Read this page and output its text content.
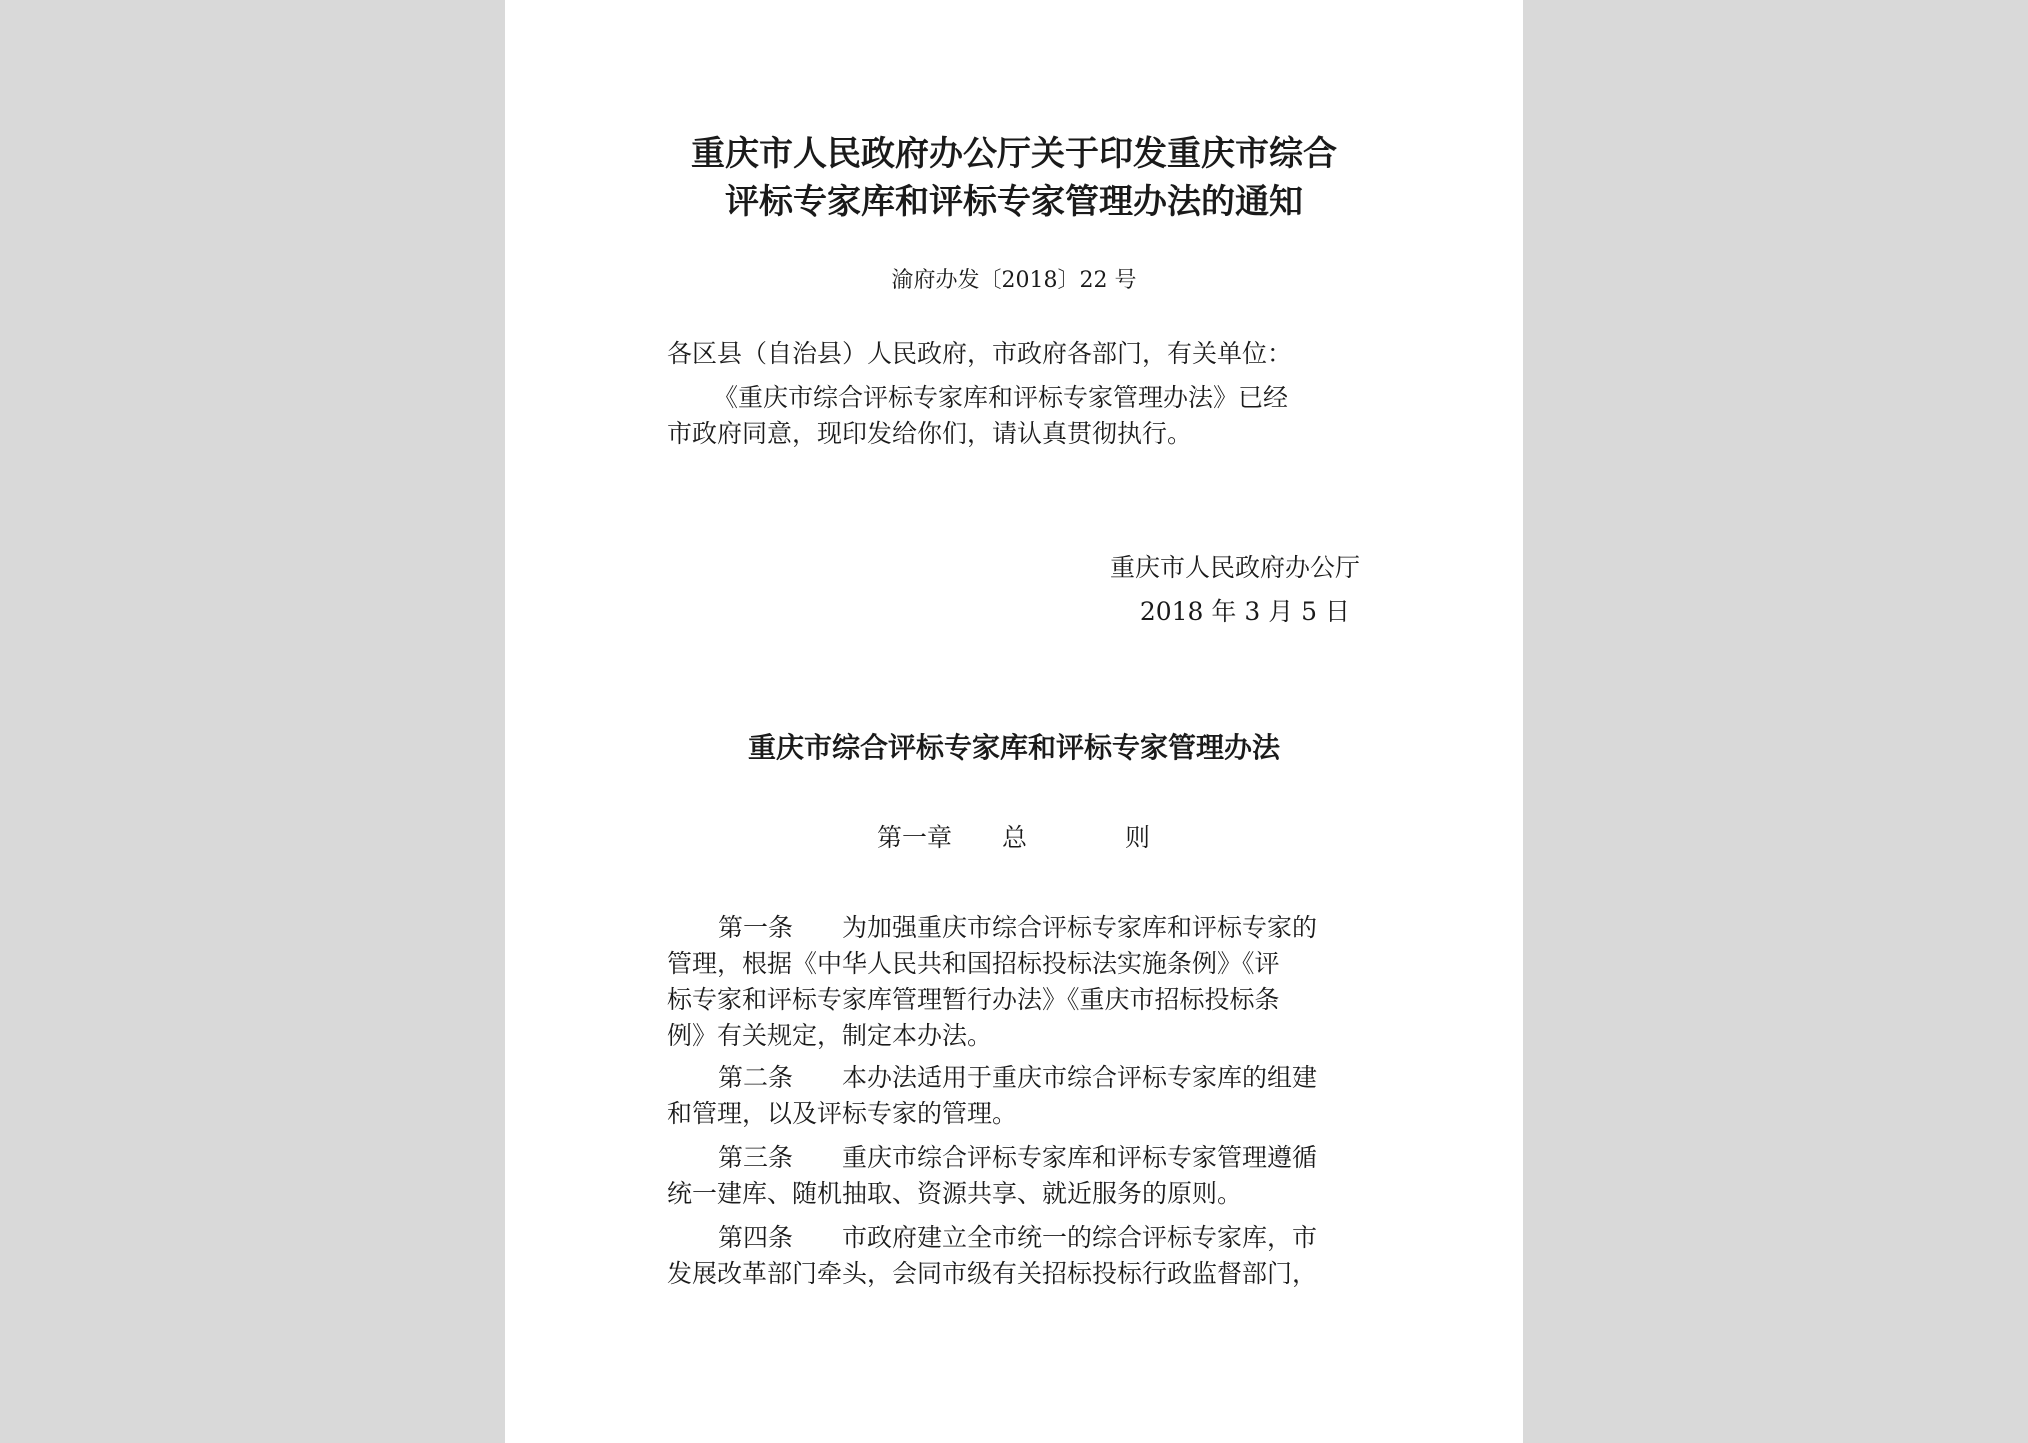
重庆市人民政府办公厅关于印发重庆市综合
评标专家库和评标专家管理办法的通知
渝府办发〔2018〕22 号
各区县（自治县）人民政府，市政府各部门，有关单位：
《重庆市综合评标专家库和评标专家管理办法》已经
市政府同意，现印发给你们，请认真贯彻执行。
重庆市人民政府办公厅
2018 年 3 月 5 日
重庆市综合评标专家库和评标专家管理办法
第一章 总	则
第一条 为加强重庆市综合评标专家库和评标专家的
管理，根据《中华人民共和国招标投标法实施条例》《评
标专家和评标专家库管理暂行办法》《重庆市招标投标条
例》有关规定，制定本办法。
第二条 本办法适用于重庆市综合评标专家库的组建
和管理，以及评标专家的管理。
第三条 重庆市综合评标专家库和评标专家管理遵循
统一建库、随机抽取、资源共享、就近服务的原则。
第四条 市政府建立全市统一的综合评标专家库，市
发展改革部门牵头，会同市级有关招标投标行政监督部门，
